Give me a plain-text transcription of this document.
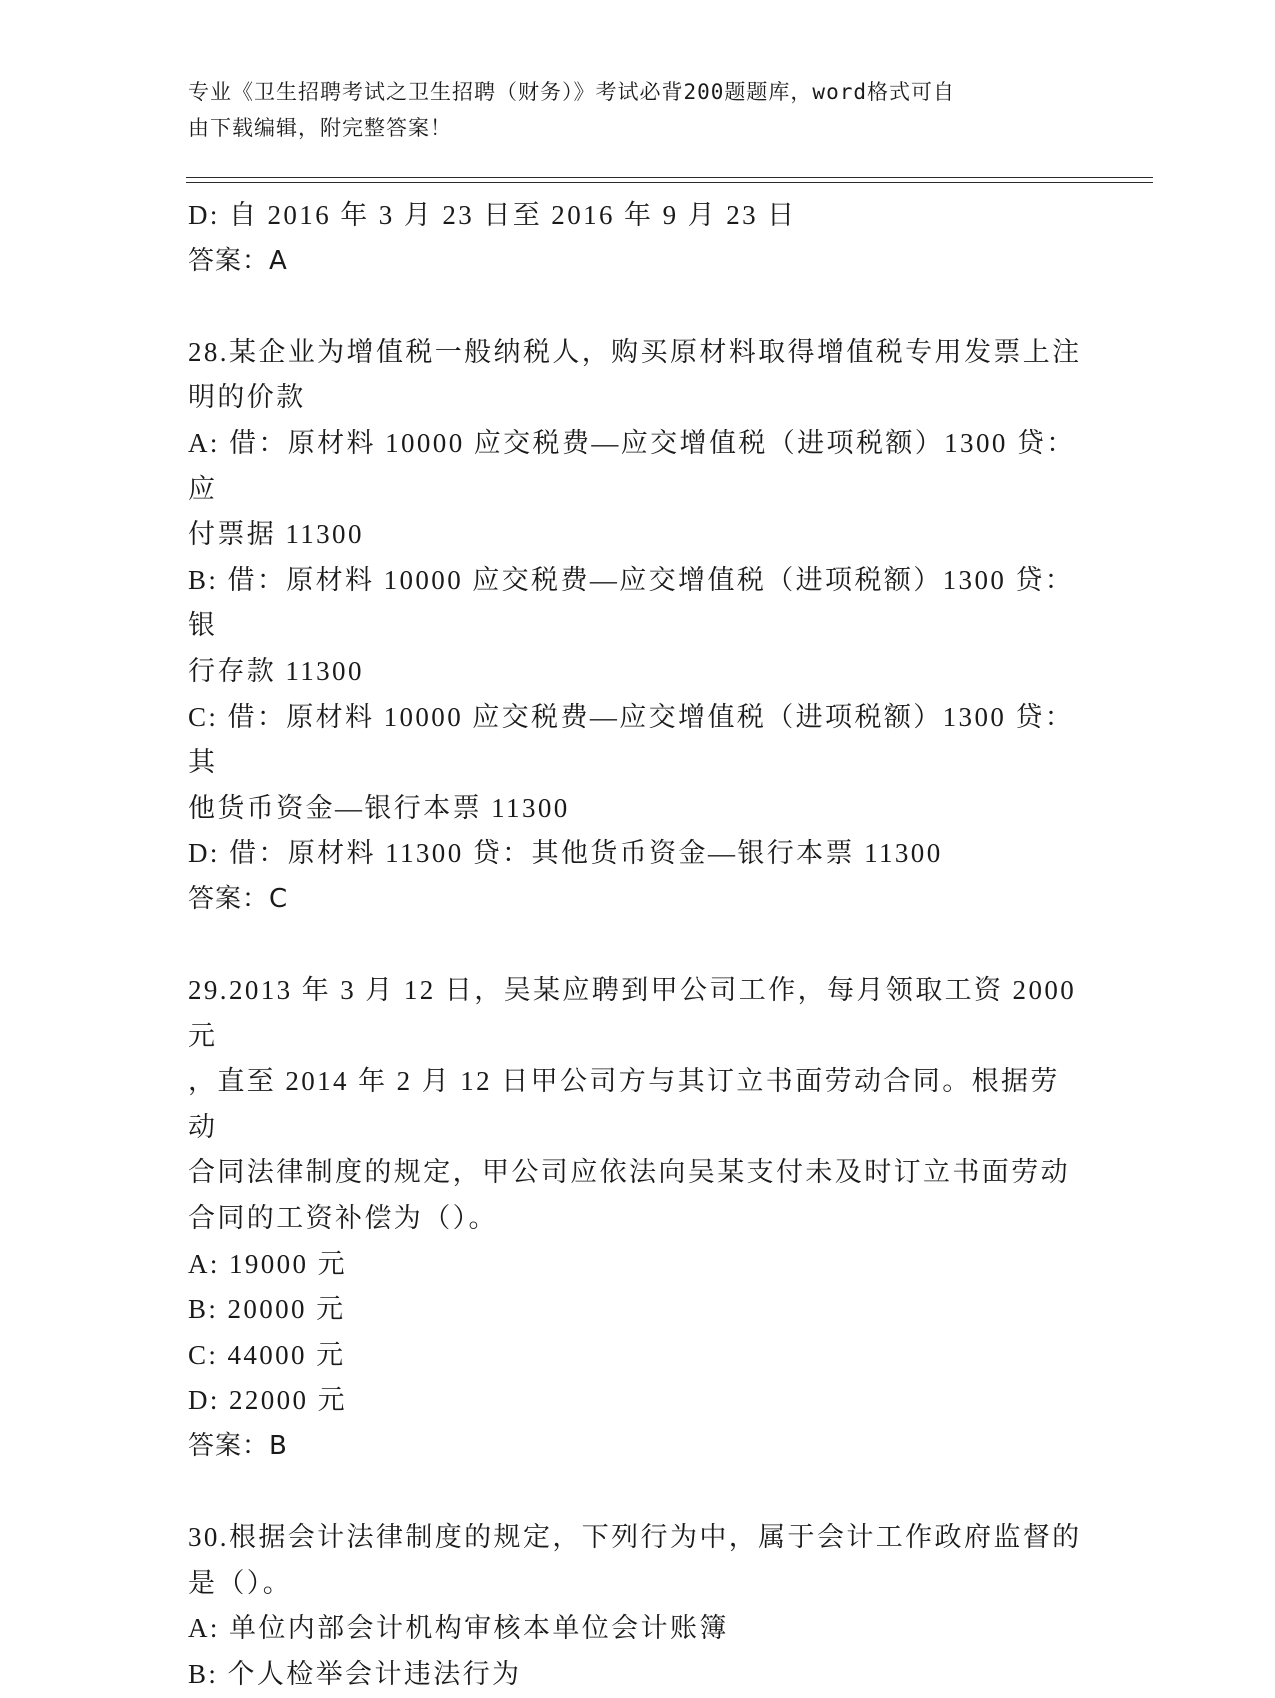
专业《卫生招聘考试之卫生招聘（财务）》考试必背200题题库，word格式可自
由下载编辑，附完整答案！
D: 自 2016 年 3 月 23 日至 2016 年 9 月 23 日
答案：A
28.某企业为增值税一般纳税人，购买原材料取得增值税专用发票上注
明的价款
A: 借：原材料 10000 应交税费—应交增值税（进项税额）1300 贷：应
付票据 11300
B: 借：原材料 10000 应交税费—应交增值税（进项税额）1300 贷：银
行存款 11300
C: 借：原材料 10000 应交税费—应交增值税（进项税额）1300 贷：其
他货币资金—银行本票 11300
D: 借：原材料 11300 贷：其他货币资金—银行本票 11300
答案：C
29.2013 年 3 月 12 日，吴某应聘到甲公司工作，每月领取工资 2000 元
，直至 2014 年 2 月 12 日甲公司方与其订立书面劳动合同。根据劳动
合同法律制度的规定，甲公司应依法向吴某支付未及时订立书面劳动
合同的工资补偿为（）。
A: 19000 元
B: 20000 元
C: 44000 元
D: 22000 元
答案：B
30.根据会计法律制度的规定，下列行为中，属于会计工作政府监督的
是（）。
A: 单位内部会计机构审核本单位会计账簿
B: 个人检举会计违法行为
